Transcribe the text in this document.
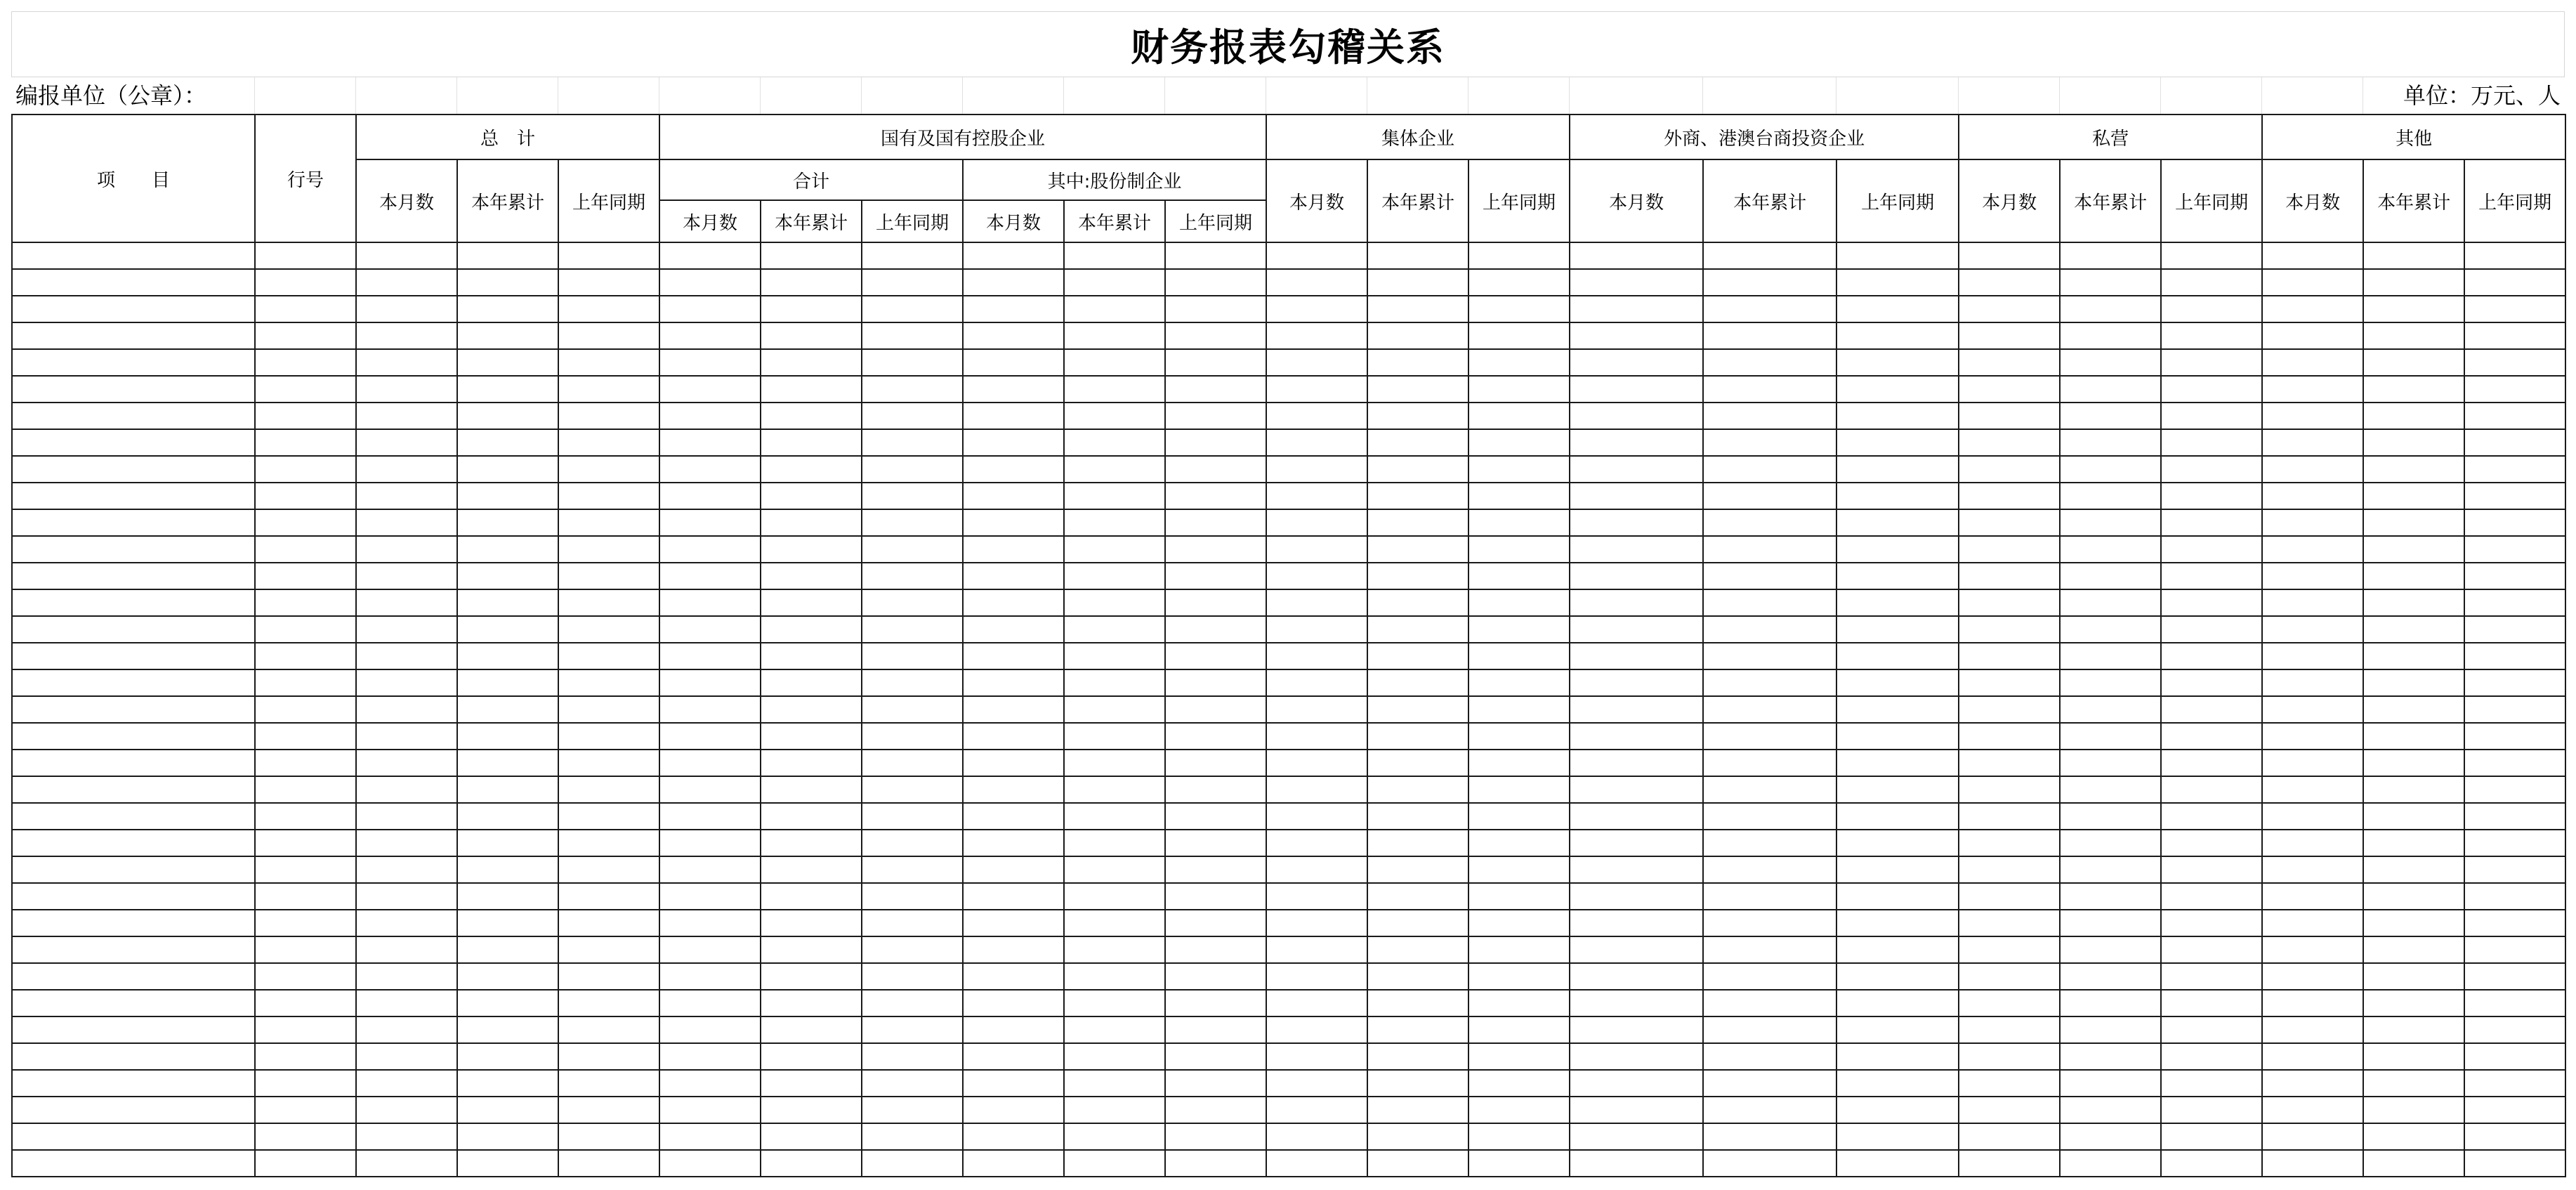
财务报表勾稽关系
编报单位（公章）：	单位：万元、人
项　　目	行号	总　计			国有及国有控股企业						集体企业			外商、港澳台商投资企业			私营			其他		
		本月数	本年累计	上年同期	合计			其中:股份制企业			本月数	本年累计	上年同期	本月数	本年累计	上年同期	本月数	本年累计	上年同期	本月数	本年累计	上年同期
					本月数	本年累计	上年同期	本月数	本年累计	上年同期												
